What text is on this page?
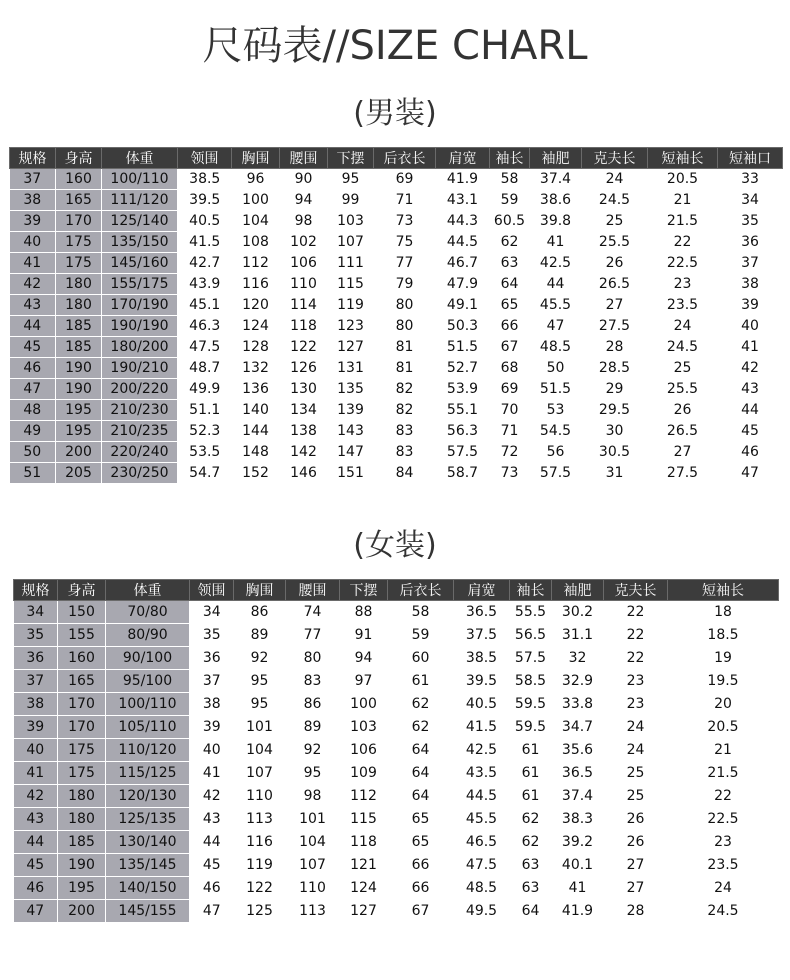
尺码表//SIZE CHARL
(男装)
规格	身高	体重	领围	胸围	腰围	下摆	后衣长	肩宽	袖长	袖肥	克夫长	短袖长	短袖口
37	160	100/110	38.5	96	90	95	69	41.9	58	37.4	24	20.5	33
38	165	111/120	39.5	100	94	99	71	43.1	59	38.6	24.5	21	34
39	170	125/140	40.5	104	98	103	73	44.3	60.5	39.8	25	21.5	35
40	175	135/150	41.5	108	102	107	75	44.5	62	41	25.5	22	36
41	175	145/160	42.7	112	106	111	77	46.7	63	42.5	26	22.5	37
42	180	155/175	43.9	116	110	115	79	47.9	64	44	26.5	23	38
43	180	170/190	45.1	120	114	119	80	49.1	65	45.5	27	23.5	39
44	185	190/190	46.3	124	118	123	80	50.3	66	47	27.5	24	40
45	185	180/200	47.5	128	122	127	81	51.5	67	48.5	28	24.5	41
46	190	190/210	48.7	132	126	131	81	52.7	68	50	28.5	25	42
47	190	200/220	49.9	136	130	135	82	53.9	69	51.5	29	25.5	43
48	195	210/230	51.1	140	134	139	82	55.1	70	53	29.5	26	44
49	195	210/235	52.3	144	138	143	83	56.3	71	54.5	30	26.5	45
50	200	220/240	53.5	148	142	147	83	57.5	72	56	30.5	27	46
51	205	230/250	54.7	152	146	151	84	58.7	73	57.5	31	27.5	47
(女装)
规格	身高	体重	领围	胸围	腰围	下摆	后衣长	肩宽	袖长	袖肥	克夫长	短袖长
34	150	70/80	34	86	74	88	58	36.5	55.5	30.2	22	18
35	155	80/90	35	89	77	91	59	37.5	56.5	31.1	22	18.5
36	160	90/100	36	92	80	94	60	38.5	57.5	32	22	19
37	165	95/100	37	95	83	97	61	39.5	58.5	32.9	23	19.5
38	170	100/110	38	95	86	100	62	40.5	59.5	33.8	23	20
39	170	105/110	39	101	89	103	62	41.5	59.5	34.7	24	20.5
40	175	110/120	40	104	92	106	64	42.5	61	35.6	24	21
41	175	115/125	41	107	95	109	64	43.5	61	36.5	25	21.5
42	180	120/130	42	110	98	112	64	44.5	61	37.4	25	22
43	180	125/135	43	113	101	115	65	45.5	62	38.3	26	22.5
44	185	130/140	44	116	104	118	65	46.5	62	39.2	26	23
45	190	135/145	45	119	107	121	66	47.5	63	40.1	27	23.5
46	195	140/150	46	122	110	124	66	48.5	63	41	27	24
47	200	145/155	47	125	113	127	67	49.5	64	41.9	28	24.5
